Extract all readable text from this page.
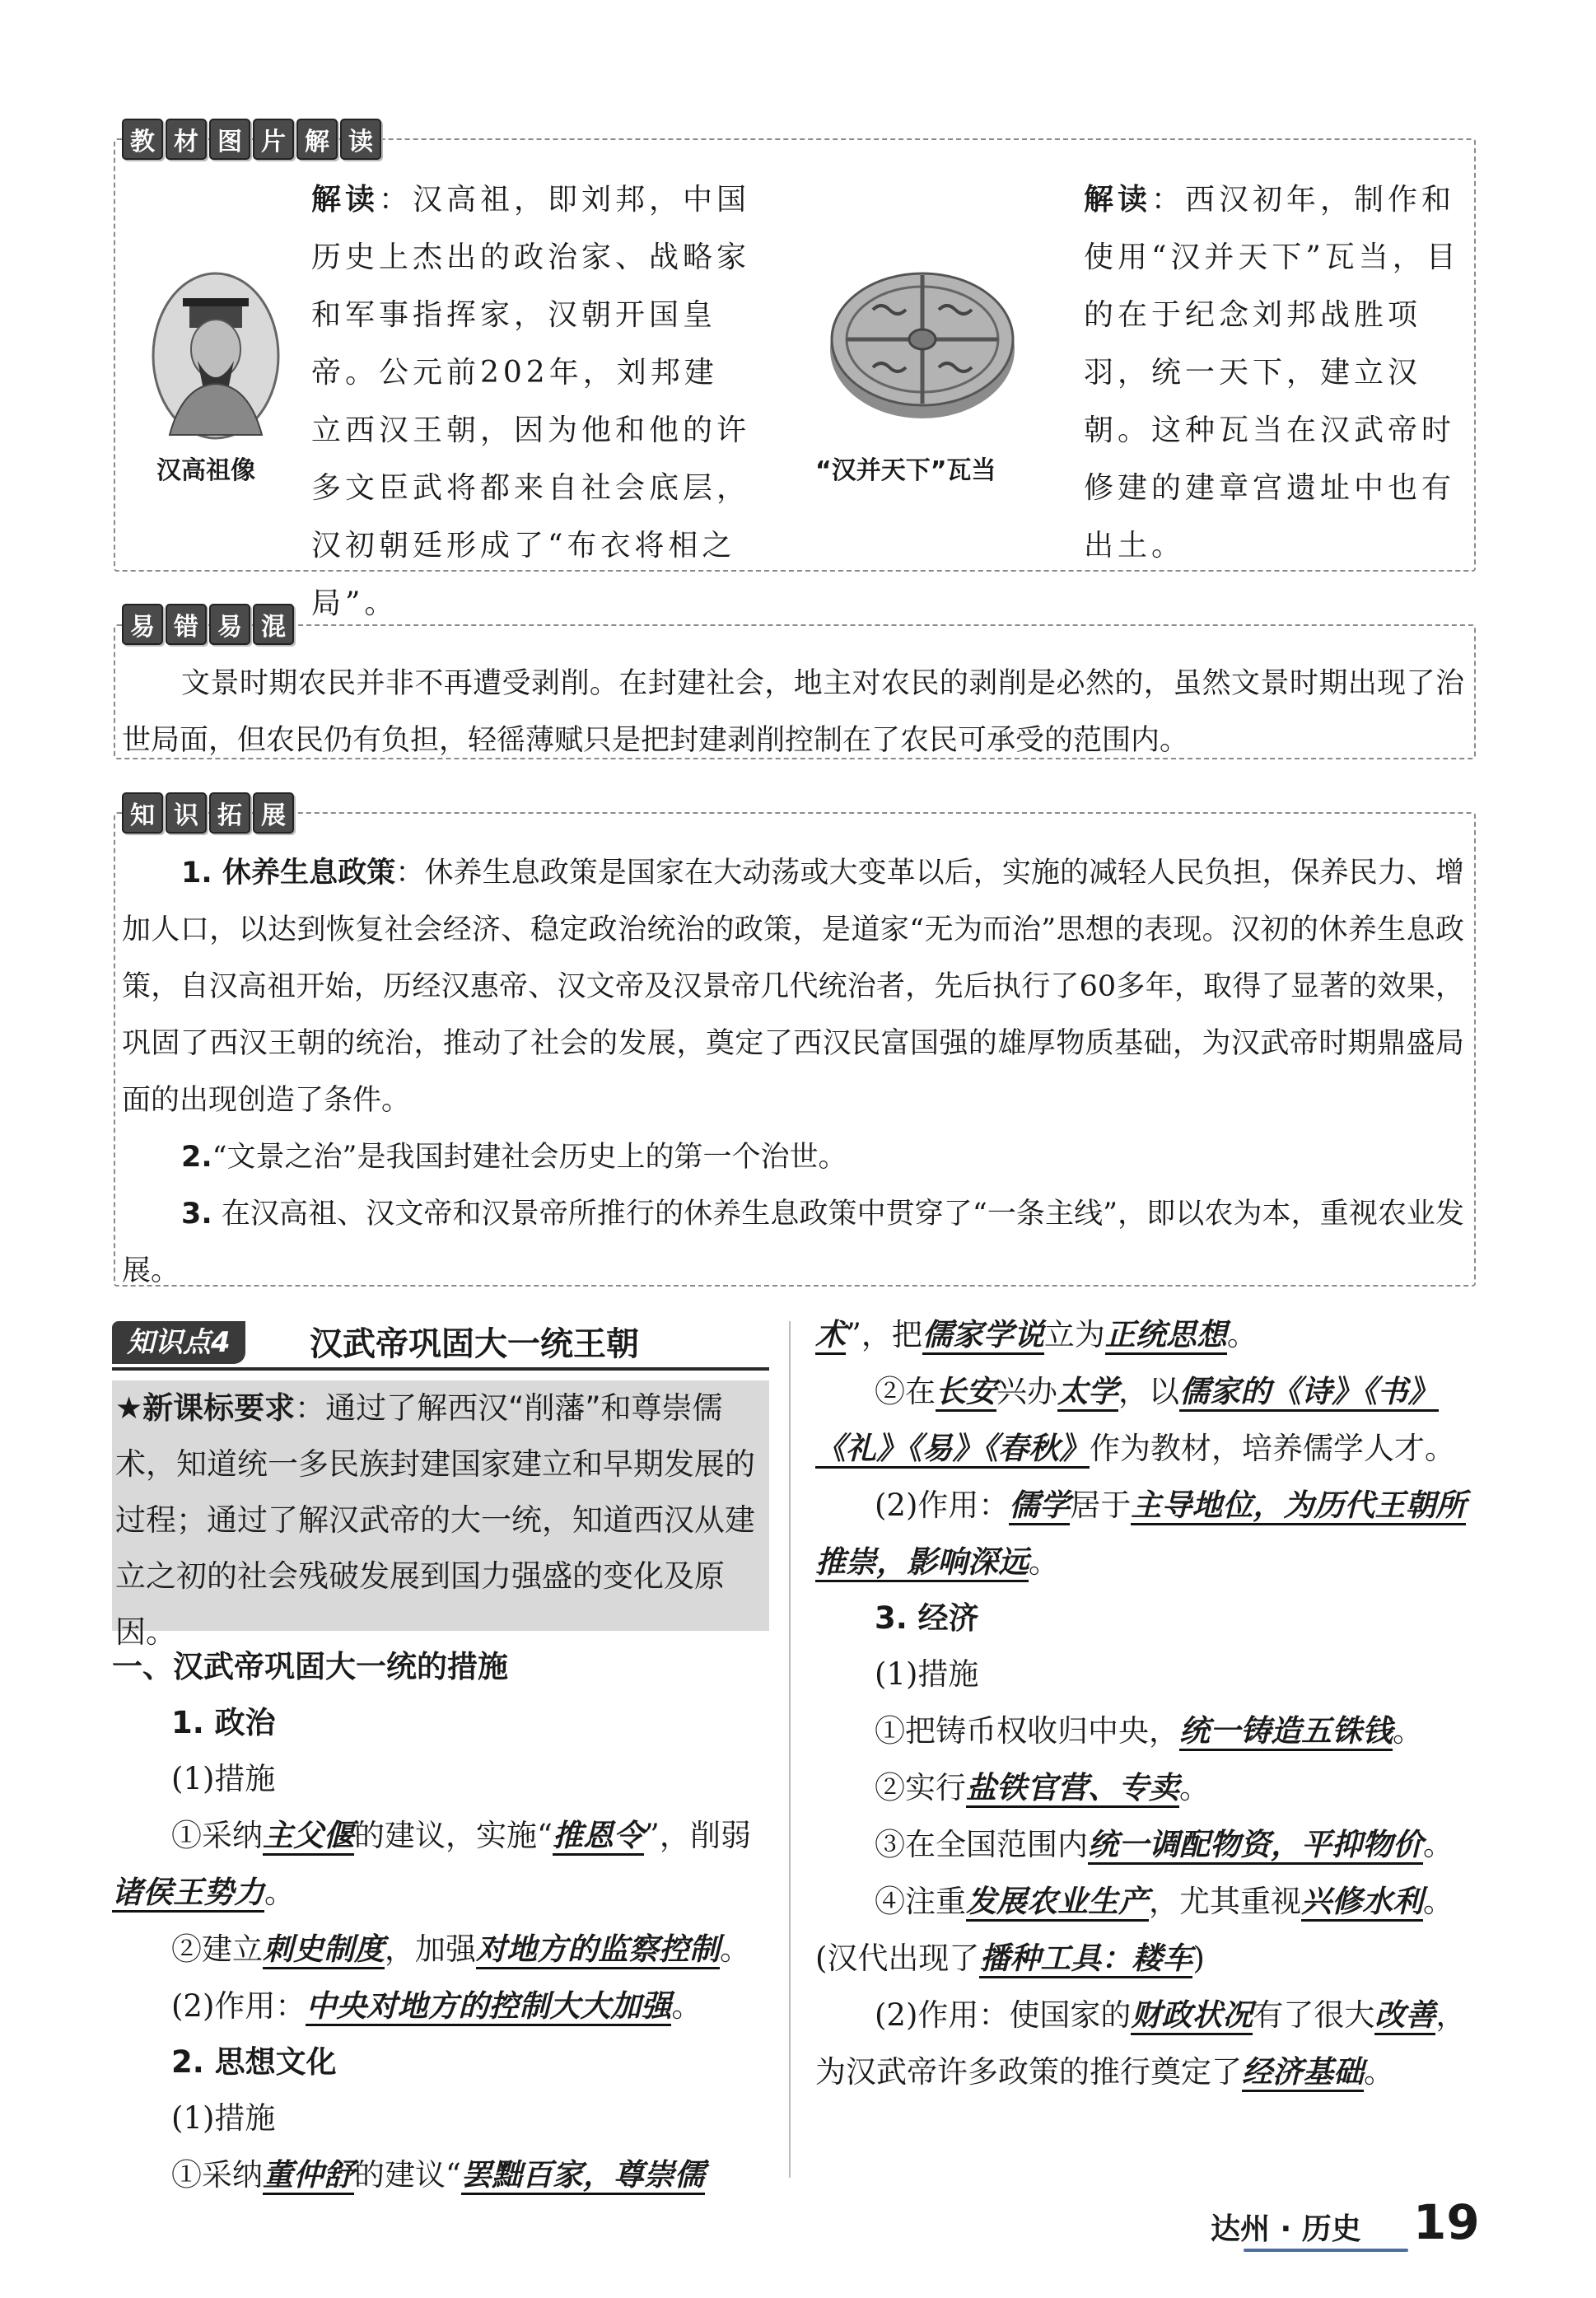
教 材 图 片 解 读
汉高祖像
解读：汉高祖，即刘邦，中国历史上杰出的政治家、战略家和军事指挥家，汉朝开国皇帝。公元前202年，刘邦建立西汉王朝，因为他和他的许多文臣武将都来自社会底层，汉初朝廷形成了“布衣将相之局”。
“汉并天下”瓦当
解读：西汉初年，制作和使用“汉并天下”瓦当，目的在于纪念刘邦战胜项羽，统一天下，建立汉朝。这种瓦当在汉武帝时修建的建章宫遗址中也有出土。
易 错 易 混
文景时期农民并非不再遭受剥削。在封建社会，地主对农民的剥削是必然的，虽然文景时期出现了治世局面，但农民仍有负担，轻徭薄赋只是把封建剥削控制在了农民可承受的范围内。
知 识 拓 展
1. 休养生息政策：休养生息政策是国家在大动荡或大变革以后，实施的减轻人民负担，保养民力、增加人口，以达到恢复社会经济、稳定政治统治的政策，是道家“无为而治”思想的表现。汉初的休养生息政策，自汉高祖开始，历经汉惠帝、汉文帝及汉景帝几代统治者，先后执行了60多年，取得了显著的效果，巩固了西汉王朝的统治，推动了社会的发展，奠定了西汉民富国强的雄厚物质基础，为汉武帝时期鼎盛局面的出现创造了条件。
2.“文景之治”是我国封建社会历史上的第一个治世。
3. 在汉高祖、汉文帝和汉景帝所推行的休养生息政策中贯穿了“一条主线”，即以农为本，重视农业发展。
知识点4	汉武帝巩固大一统王朝
★新课标要求：通过了解西汉“削藩”和尊崇儒术，知道统一多民族封建国家建立和早期发展的过程；通过了解汉武帝的大一统，知道西汉从建立之初的社会残破发展到国力强盛的变化及原因。

一、汉武帝巩固大一统的措施

1. 政治

(1)措施

①采纳主父偃的建议，实施“推恩令”，削弱诸侯王势力。

②建立刺史制度，加强对地方的监察控制。

(2)作用：中央对地方的控制大大加强。

2. 思想文化

(1)措施

①采纳董仲舒的建议“罢黜百家，尊崇儒

术”，把儒家学说立为正统思想。

②在长安兴办太学，以儒家的《诗》《书》《礼》《易》《春秋》作为教材，培养儒学人才。

(2)作用：儒学居于主导地位，为历代王朝所推崇，影响深远。

3. 经济

(1)措施

①把铸币权收归中央，统一铸造五铢钱。

②实行盐铁官营、专卖。

③在全国范围内统一调配物资，平抑物价。

④注重发展农业生产，尤其重视兴修水利。(汉代出现了播种工具：耧车)

(2)作用：使国家的财政状况有了很大改善，为汉武帝许多政策的推行奠定了经济基础。

达州 · 历史 19
